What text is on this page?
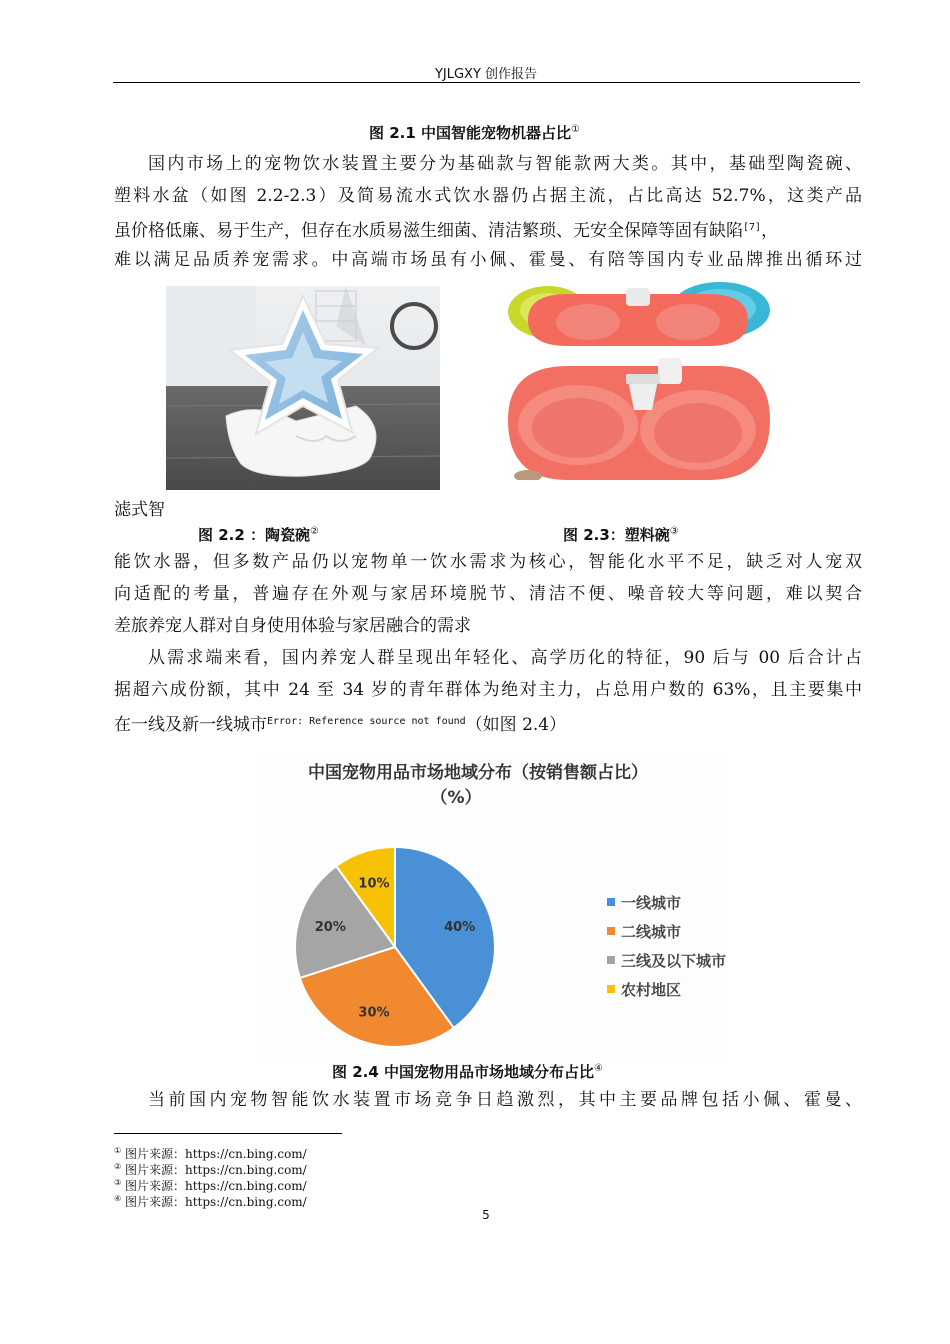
YJLGXY 创作报告
图 2.1 中国智能宠物机器占比①
国内市场上的宠物饮水装置主要分为基础款与智能款两大类。其中，基础型陶瓷碗、
塑料水盆（如图 2.2-2.3）及简易流水式饮水器仍占据主流，占比高达 52.7%，这类产品
虽价格低廉、易于生产，但存在水质易滋生细菌、清洁繁琐、无安全保障等固有缺陷[7]，
难以满足品质养宠需求。中高端市场虽有小佩、霍曼、有陪等国内专业品牌推出循环过
滤式智
图 2.2 ：陶瓷碗②	图 2.3：塑料碗③
能饮水器，但多数产品仍以宠物单一饮水需求为核心，智能化水平不足，缺乏对人宠双
向适配的考量，普遍存在外观与家居环境脱节、清洁不便、噪音较大等问题，难以契合
差旅养宠人群对自身使用体验与家居融合的需求
从需求端来看，国内养宠人群呈现出年轻化、高学历化的特征，90 后与 00 后合计占
据超六成份额，其中 24 至 34 岁的青年群体为绝对主力，占总用户数的 63%，且主要集中
在一线及新一线城市$^{Error: Reference source not found}$（如图 2.4）
中国宠物用品市场地域分布（按销售额占比）
（%）
40%
30%
20%
10%
一线城市
二线城市
三线及以下城市
农村地区
图 2.4 中国宠物用品市场地域分布占比④
当前国内宠物智能饮水装置市场竞争日趋激烈，其中主要品牌包括小佩、霍曼、
① 图片来源：https://cn.bing.com/
② 图片来源：https://cn.bing.com/
③ 图片来源：https://cn.bing.com/
④ 图片来源：https://cn.bing.com/
5
